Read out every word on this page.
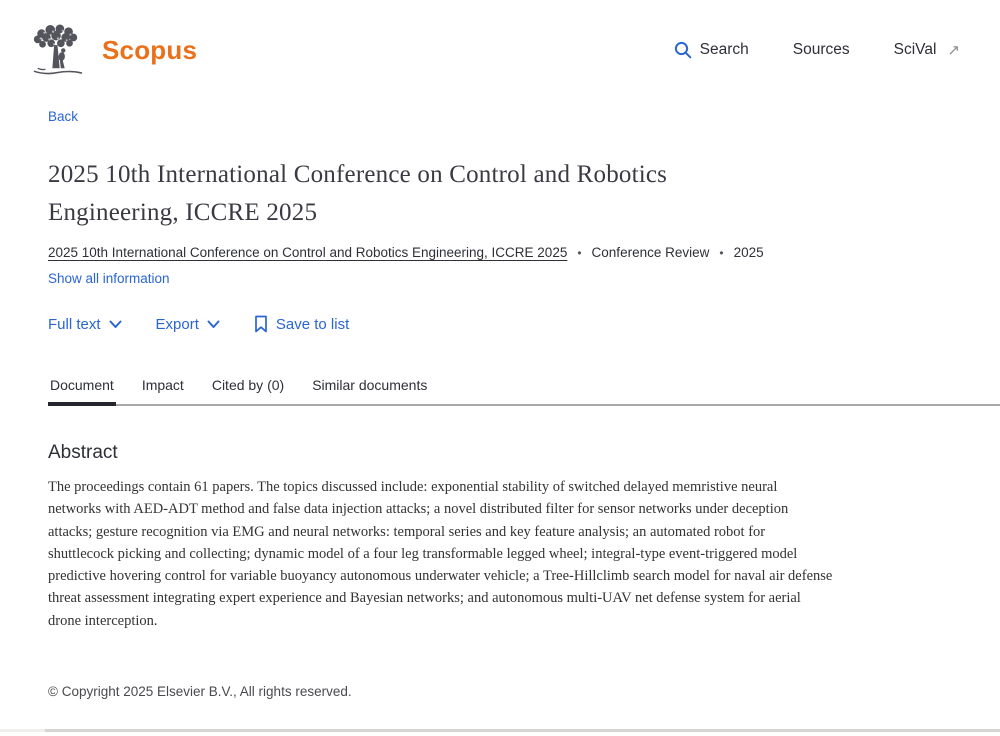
Scopus	Search	Sources	SciVal ↗
Back
2025 10th International Conference on Control and Robotics Engineering, ICCRE 2025
2025 10th International Conference on Control and Robotics Engineering, ICCRE 2025 • Conference Review • 2025
Show all information
Full text	Export	Save to list
Document Impact Cited by (0) Similar documents
Abstract

The proceedings contain 61 papers. The topics discussed include: exponential stability of switched delayed memristive neural networks with AED-ADT method and false data injection attacks; a novel distributed filter for sensor networks under deception attacks; gesture recognition via EMG and neural networks: temporal series and key feature analysis; an automated robot for shuttlecock picking and collecting; dynamic model of a four leg transformable legged wheel; integral-type event-triggered model predictive hovering control for variable buoyancy autonomous underwater vehicle; a Tree-Hillclimb search model for naval air defense threat assessment integrating expert experience and Bayesian networks; and autonomous multi-UAV net defense system for aerial drone interception.

© Copyright 2025 Elsevier B.V., All rights reserved.
